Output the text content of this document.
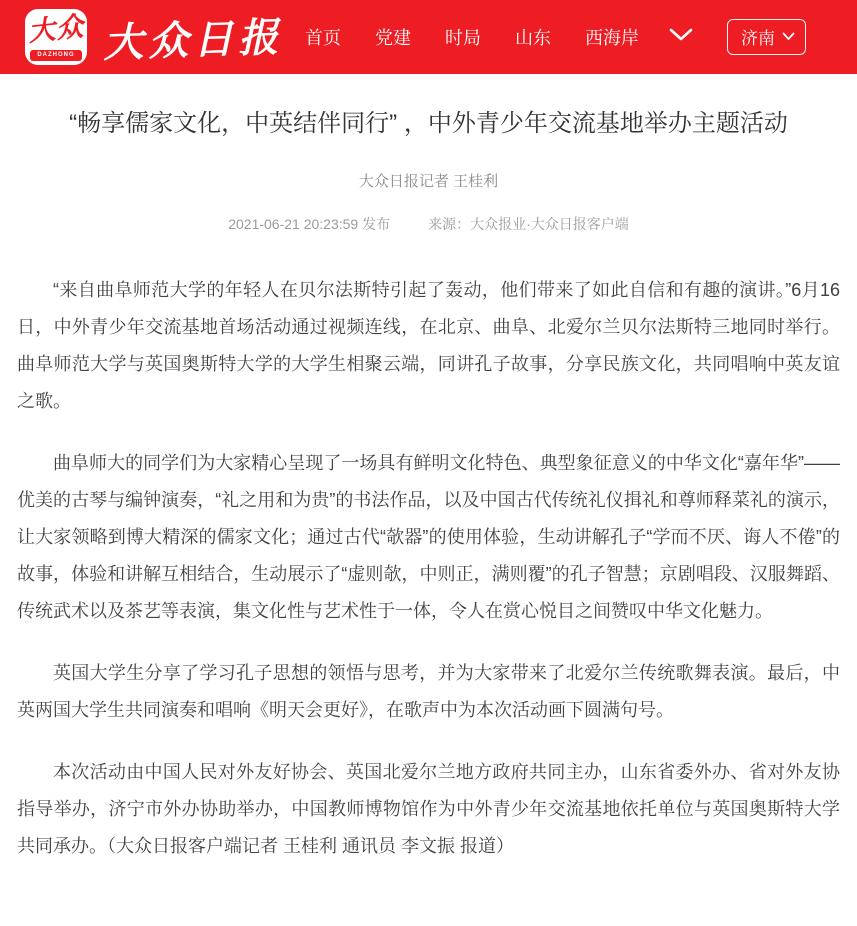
大众
DAZHONG 大众日报 首页 党建 时局 山东 西海岸	济南
“畅享儒家文化，中英结伴同行” ，中外青少年交流基地举办主题活动
大众日报记者 王桂利
2021-06-21 20:23:59 发布	来源：大众报业·大众日报客户端

“来自曲阜师范大学的年轻人在贝尔法斯特引起了轰动，他们带来了如此自信和有趣的演讲。”6月16日，中外青少年交流基地首场活动通过视频连线，在北京、曲阜、北爱尔兰贝尔法斯特三地同时举行。曲阜师范大学与英国奥斯特大学的大学生相聚云端，同讲孔子故事，分享民族文化，共同唱响中英友谊之歌。

曲阜师大的同学们为大家精心呈现了一场具有鲜明文化特色、典型象征意义的中华文化“嘉年华”——优美的古琴与编钟演奏，“礼之用和为贵”的书法作品，以及中国古代传统礼仪揖礼和尊师释菜礼的演示，让大家领略到博大精深的儒家文化；通过古代“欹器”的使用体验，生动讲解孔子“学而不厌、诲人不倦”的故事，体验和讲解互相结合，生动展示了“虚则欹，中则正，满则覆”的孔子智慧；京剧唱段、汉服舞蹈、传统武术以及茶艺等表演，集文化性与艺术性于一体，令人在赏心悦目之间赞叹中华文化魅力。

英国大学生分享了学习孔子思想的领悟与思考，并为大家带来了北爱尔兰传统歌舞表演。最后，中英两国大学生共同演奏和唱响《明天会更好》，在歌声中为本次活动画下圆满句号。

本次活动由中国人民对外友好协会、英国北爱尔兰地方政府共同主办，山东省委外办、省对外友协指导举办，济宁市外办协助举办，中国教师博物馆作为中外青少年交流基地依托单位与英国奥斯特大学共同承办。（大众日报客户端记者 王桂利 通讯员 李文振 报道）
